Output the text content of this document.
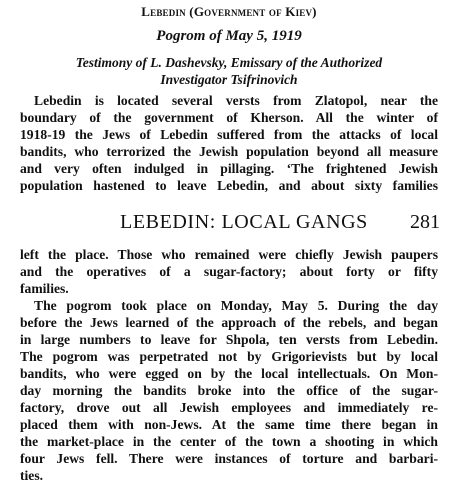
Lebedin (Government of Kiev)
Pogrom of May 5, 1919
Testimony of L. Dashevsky, Emissary of the Authorized
Investigator Tsifrinovich
Lebedin is located several versts from Zlatopol, near the
boundary of the government of Kherson. All the winter of
1918-19 the Jews of Lebedin suffered from the attacks of local
bandits, who terrorized the Jewish population beyond all measure
and very often indulged in pillaging. ‘The frightened Jewish
population hastened to leave Lebedin, and about sixty families
LEBEDIN: LOCAL GANGS 281
left the place. Those who remained were chiefly Jewish paupers
and the operatives of a sugar-factory; about forty or fifty
families.
The pogrom took place on Monday, May 5. During the day
before the Jews learned of the approach of the rebels, and began
in large numbers to leave for Shpola, ten versts from Lebedin.
The pogrom was perpetrated not by Grigorievists but by local
bandits, who were egged on by the local intellectuals. On Mon-
day morning the bandits broke into the office of the sugar-
factory, drove out all Jewish employees and immediately re-
placed them with non-Jews. At the same time there began in
the market-place in the center of the town a shooting in which
four Jews fell. There were instances of torture and barbari-
ties.
